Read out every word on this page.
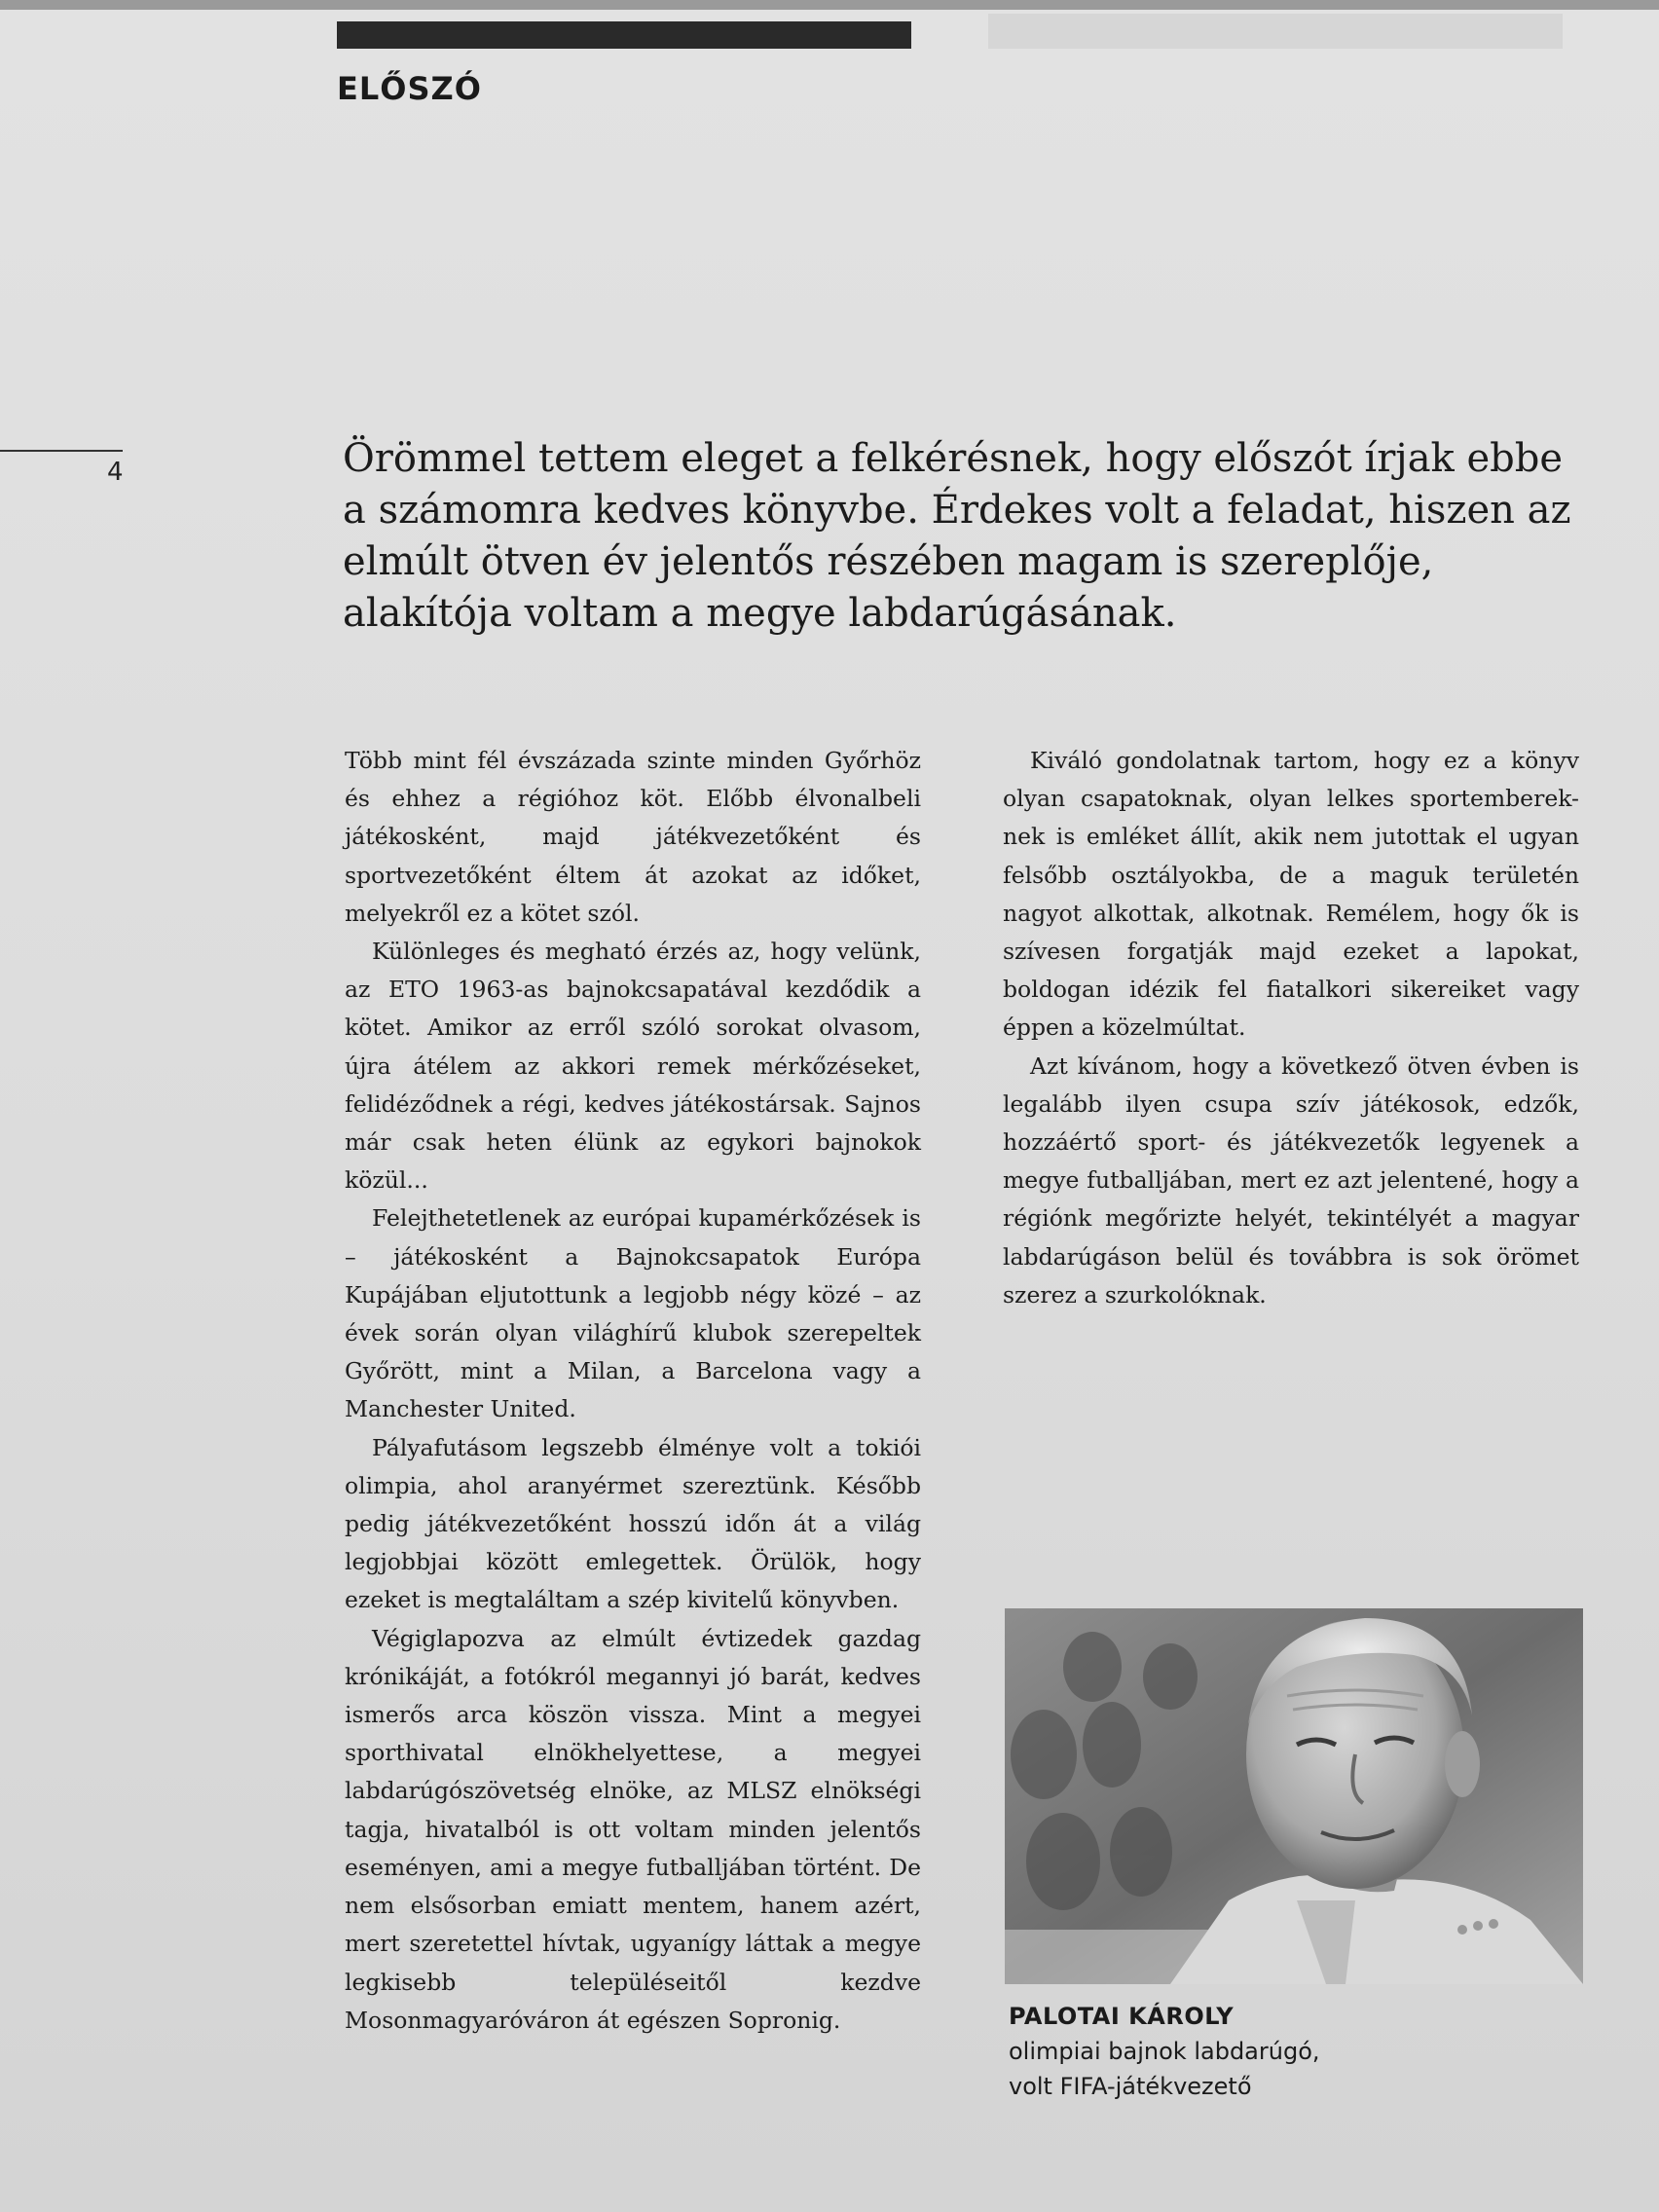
ELŐSZÓ
4	Örömmel tettem eleget a felkérésnek, hogy előszót írjak ebbe a számomra kedves könyvbe. Érdekes volt a feladat, hiszen az elmúlt ötven év jelentős részében magam is szereplője, alakítója voltam a megye labdarúgásának.

Több mint fél évszázada szinte minden Győrhöz és ehhez a régióhoz köt. Előbb élvonalbeli játékosként, majd játékvezetőként és sportvezetőként éltem át azokat az időket, melyekről ez a kötet szól.

Különleges és megható érzés az, hogy velünk, az ETO 1963-as bajnokcsapatával kezdődik a kötet. Amikor az erről szóló sorokat olvasom, újra átélem az akkori remek mérkőzéseket, felidéződnek a régi, kedves játékostársak. Sajnos már csak heten élünk az egykori bajnokok közül...

Felejthetetlenek az európai kupamérkőzések is – játékosként a Bajnokcsapatok Európa Kupájában eljutottunk a legjobb négy közé – az évek során olyan világhírű klubok szerepeltek Győrött, mint a Milan, a Barcelona vagy a Manchester United.

Pályafutásom legszebb élménye volt a tokiói olimpia, ahol aranyérmet szereztünk. Később pedig játékvezetőként hosszú időn át a világ legjobbjai között emlegettek. Örülök, hogy ezeket is megtaláltam a szép kivitelű könyvben.

Végiglapozva az elmúlt évtizedek gazdag krónikáját, a fotókról megannyi jó barát, kedves ismerős arca köszön vissza. Mint a megyei sporthivatal elnökhelyettese, a megyei labdarúgószövetség elnöke, az MLSZ elnökségi tagja, hivatalból is ott voltam minden jelentős eseményen, ami a megye futballjában történt. De nem elsősorban emiatt mentem, hanem azért, mert szeretettel hívtak, ugyanígy láttak a megye legkisebb településeitől kezdve Mosonmagyaróváron át egészen Sopronig.

Kiváló gondolatnak tartom, hogy ez a könyv olyan csapatoknak, olyan lelkes sportemberek-nek is emléket állít, akik nem jutottak el ugyan felsőbb osztályokba, de a maguk területén nagyot alkottak, alkotnak. Remélem, hogy ők is szívesen forgatják majd ezeket a lapokat, boldogan idézik fel fiatalkori sikereiket vagy éppen a közelmúltat.

Azt kívánom, hogy a következő ötven évben is legalább ilyen csupa szív játékosok, edzők, hozzáértő sport- és játékvezetők legyenek a megye futballjában, mert ez azt jelentené, hogy a régiónk megőrizte helyét, tekintélyét a magyar labdarúgáson belül és továbbra is sok örömet szerez a szurkolóknak.

PALOTAI KÁROLY
olimpiai bajnok labdarúgó,
volt FIFA-játékvezető
